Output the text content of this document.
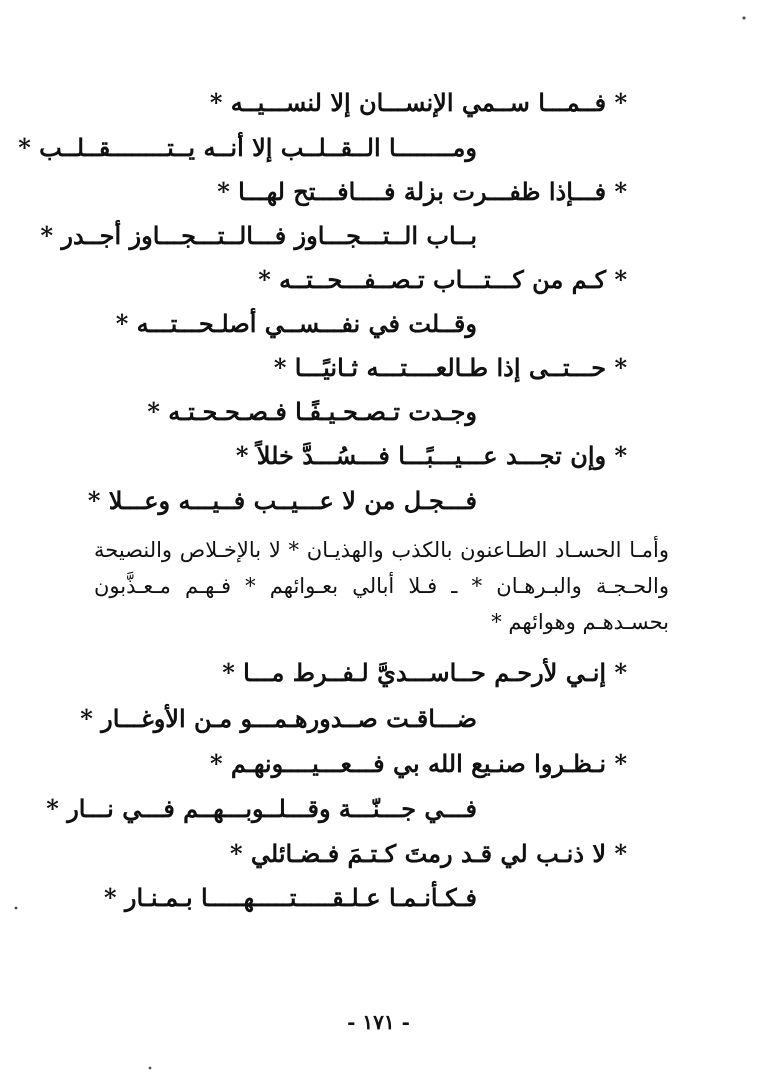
* فــمـــا ســمي الإنســـان إلا لنســـيــه *

ومــــــــا الــقــلــب إلا أنــه يــتــــــــقــلــب *

* فـــإذا ظفـــرت بزلة فــــافـــتح لهـــا *

بــاب الــتـــجـــاوز فـــالــتـــجـــاوز أجــدر *

* كـم من كـــتـــاب تـصــفـــحــتــه *

وقــلت في نفـــســي أصلـحـــتـــه *

* حـــتــى إذا طـالعــــتـــه ثـانيًـــا *

وجـدت تـصـحـيـفًـا فـصـحـحـتـه *

* وإن تجـــد عـــيـــبًـــا فـــسُـــدَّ خللاً *

فـــجـل من لا عـــيــب فــيـــه وعـــلا *

وأمـا الحسـاد الطـاعنون بالكذب والهذيـان * لا بالإخـلاص والنصيحة والحـجـة والبـرهـان * ـ فـلا أبالي بعـوائهم * فـهـم مـعـذَّبون بحسـدهـم وهوائهم *

* إنـي لأرحـم حــاســـديَّ لـفــرط مـــا *

ضـــاقـت صــدورهـمـــو مـن الأوغـــار *

* نـظـروا صنـيع الله بي فـــعـــيــــونهـم *

فـــي جـــنّـــة وقـــلــوبـــهــم فـــي نـــار *

* لا ذنـب لي قـد رمتَ كـتـمَ فـضـائلي *

فـكـأنـمـا عـلـقـــــتـــــهـــــا بـمـنـار *

- ١٧١ -
